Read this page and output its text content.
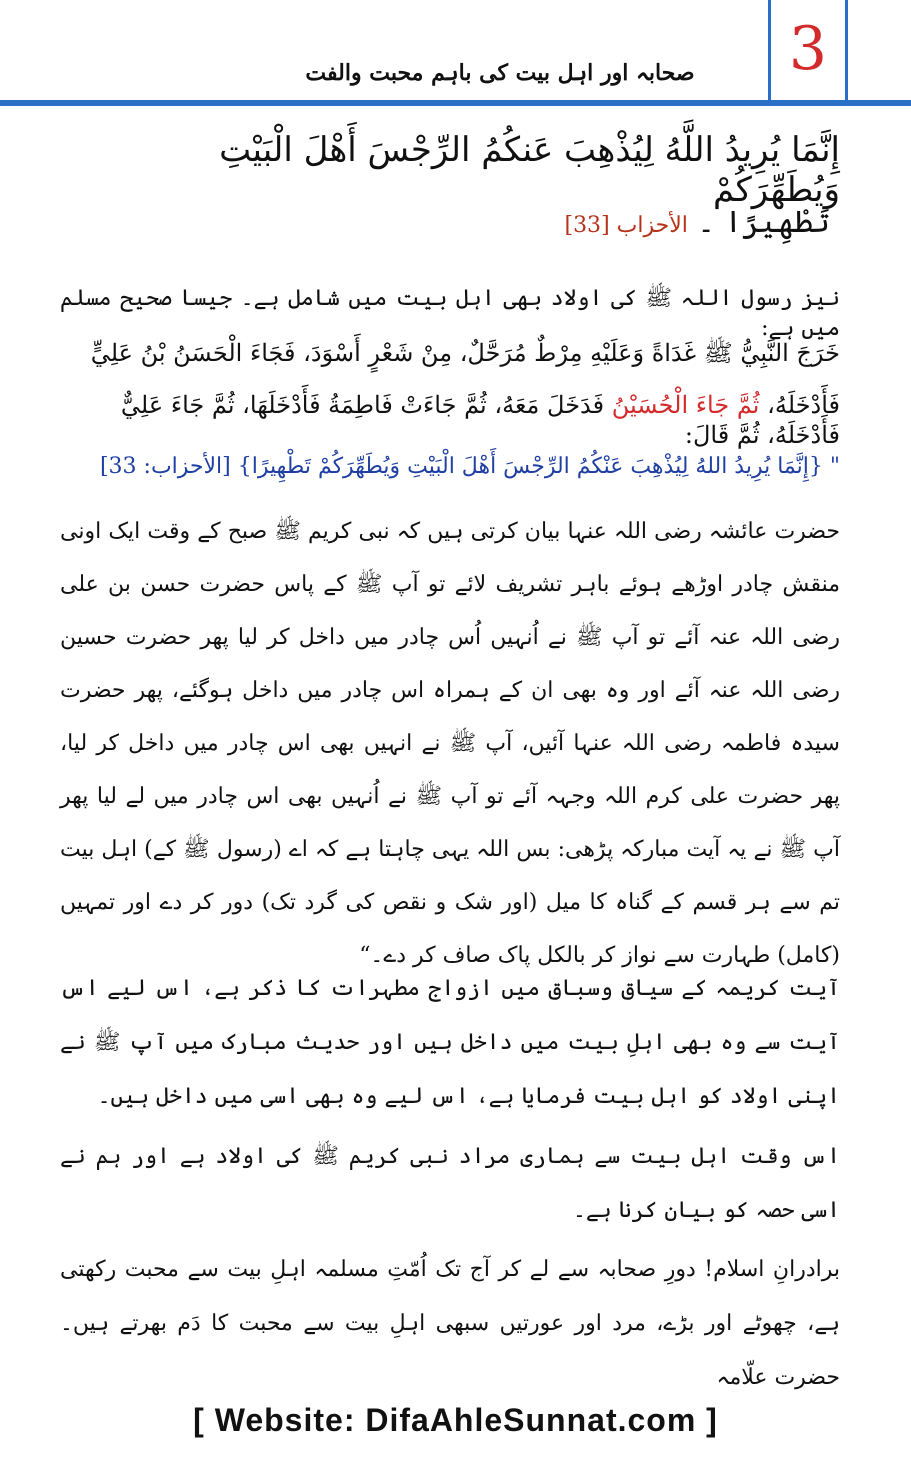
3
صحابہ اور اہل بیت کی باہم محبت والفت
إِنَّمَا يُرِيدُ اللَّهُ لِيُذْهِبَ عَنكُمُ الرِّجْسَ أَهْلَ الْبَيْتِ وَيُطَهِّرَكُمْ
تَطْهِيرًا ۔ الأحزاب [33]
نیز رسول اللہ ﷺ کی اولاد بھی اہل بیت میں شامل ہے۔ جیسا صحیح مسلم میں ہے:
خَرَجَ النَّبِيُّ ﷺ غَدَاةً وَعَلَيْهِ مِرْطٌ مُرَحَّلٌ، مِنْ شَعْرٍ أَسْوَدَ، فَجَاءَ الْحَسَنُ بْنُ عَلِيٍّ
فَأَدْخَلَهُ، ثُمَّ جَاءَ الْحُسَيْنُ فَدَخَلَ مَعَهُ، ثُمَّ جَاءَتْ فَاطِمَةُ فَأَدْخَلَهَا، ثُمَّ جَاءَ عَلِيٌّ فَأَدْخَلَهُ، ثُمَّ قَالَ:
" {إِنَّمَا يُرِيدُ اللهُ لِيُذْهِبَ عَنْكُمُ الرِّجْسَ أَهْلَ الْبَيْتِ وَيُطَهِّرَكُمْ تَطْهِيرًا} [الأحزاب: 33]
حضرت عائشہ رضی اللہ عنہا بیان کرتی ہیں کہ نبی کریم ﷺ صبح کے وقت ایک اونی منقش چادر اوڑھے ہوئے باہر تشریف لائے تو آپ ﷺ کے پاس حضرت حسن بن علی رضی اللہ عنہ آئے تو آپ ﷺ نے اُنہیں اُس چادر میں داخل کر لیا پھر حضرت حسین رضی اللہ عنہ آئے اور وہ بھی ان کے ہمراہ اس چادر میں داخل ہوگئے، پھر حضرت سیدہ فاطمہ رضی اللہ عنہا آئیں، آپ ﷺ نے انہیں بھی اس چادر میں داخل کر لیا، پھر حضرت علی کرم اللہ وجہہ آئے تو آپ ﷺ نے اُنہیں بھی اس چادر میں لے لیا پھر آپ ﷺ نے یہ آیت مبارکہ پڑھی: بس اللہ یہی چاہتا ہے کہ اے (رسول ﷺ کے) اہل بیت تم سے ہر قسم کے گناہ کا میل (اور شک و نقص کی گرد تک) دور کر دے اور تمہیں (کامل) طہارت سے نواز کر بالکل پاک صاف کر دے۔“
آیت کریمہ کے سیاق وسباق میں ازواج مطہرات کا ذکر ہے، اس لیے اس آیت سے وہ بھی اہلِ بیت میں داخل ہیں اور حدیث مبارک میں آپ ﷺ نے اپنی اولاد کو اہل بیت فرمایا ہے، اس لیے وہ بھی اسی میں داخل ہیں۔
اس وقت اہل بیت سے ہماری مراد نبی کریم ﷺ کی اولاد ہے اور ہم نے اسی حصہ کو بیان کرنا ہے۔
برادرانِ اسلام! دورِ صحابہ سے لے کر آج تک اُمّتِ مسلمہ اہلِ بیت سے محبت رکھتی ہے، چھوٹے اور بڑے، مرد اور عورتیں سبھی اہلِ بیت سے محبت کا دَم بھرتے ہیں۔ حضرت علّامہ
[ Website: DifaAhleSunnat.com ]
